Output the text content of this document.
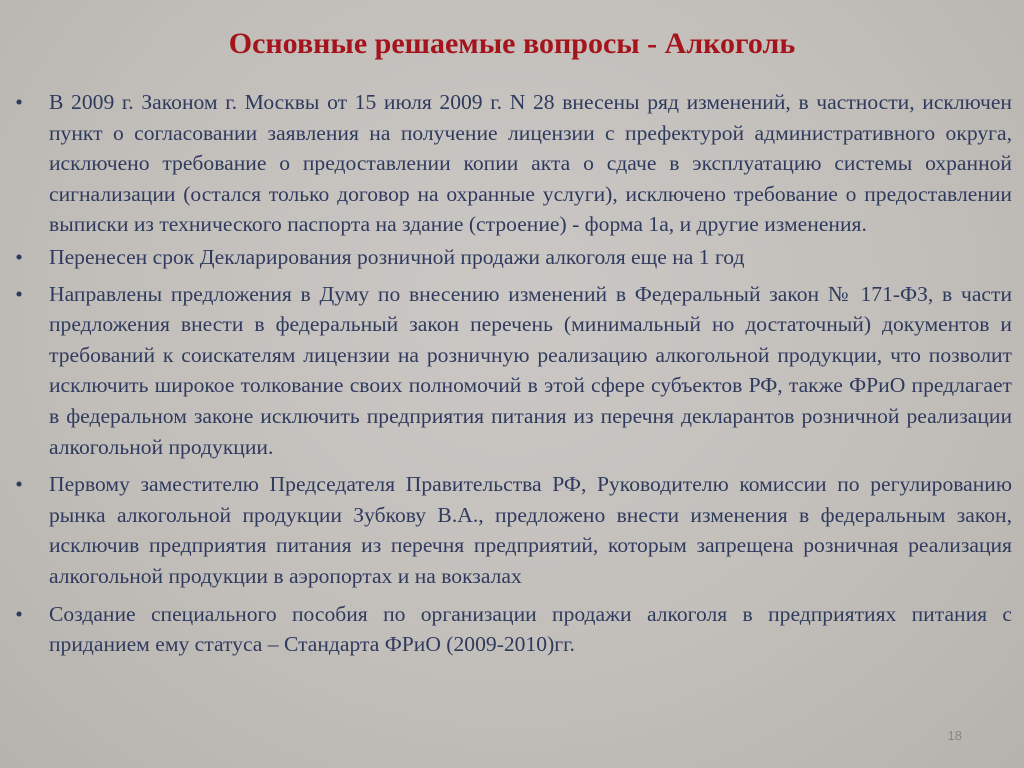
Основные решаемые вопросы - Алкоголь
• В 2009 г. Законом г. Москвы от 15 июля 2009 г. N 28 внесены ряд изменений, в частности, исключен пункт о согласовании заявления на получение лицензии с префектурой административного округа, исключено требование о предоставлении копии акта о сдаче в эксплуатацию системы охранной сигнализации (остался только договор на охранные услуги), исключено требование о предоставлении выписки из технического паспорта на здание (строение) - форма 1а, и другие изменения.
• Перенесен срок Декларирования розничной продажи алкоголя еще на 1 год
• Направлены предложения в Думу по внесению изменений в Федеральный закон № 171-ФЗ, в части предложения внести в федеральный закон перечень (минимальный но достаточный) документов и требований к соискателям лицензии на розничную реализацию алкогольной продукции, что позволит исключить широкое толкование своих полномочий в этой сфере субъектов РФ, также ФРиО предлагает в федеральном законе исключить предприятия питания из перечня декларантов розничной реализации алкогольной продукции.
• Первому заместителю Председателя Правительства РФ, Руководителю комиссии по регулированию рынка алкогольной продукции Зубкову В.А., предложено внести изменения в федеральным закон, исключив предприятия питания из перечня предприятий, которым запрещена розничная реализация алкогольной продукции в аэропортах и на вокзалах
• Создание специального пособия по организации продажи алкоголя в предприятиях питания с приданием ему статуса – Стандарта ФРиО (2009-2010)гг.
18
